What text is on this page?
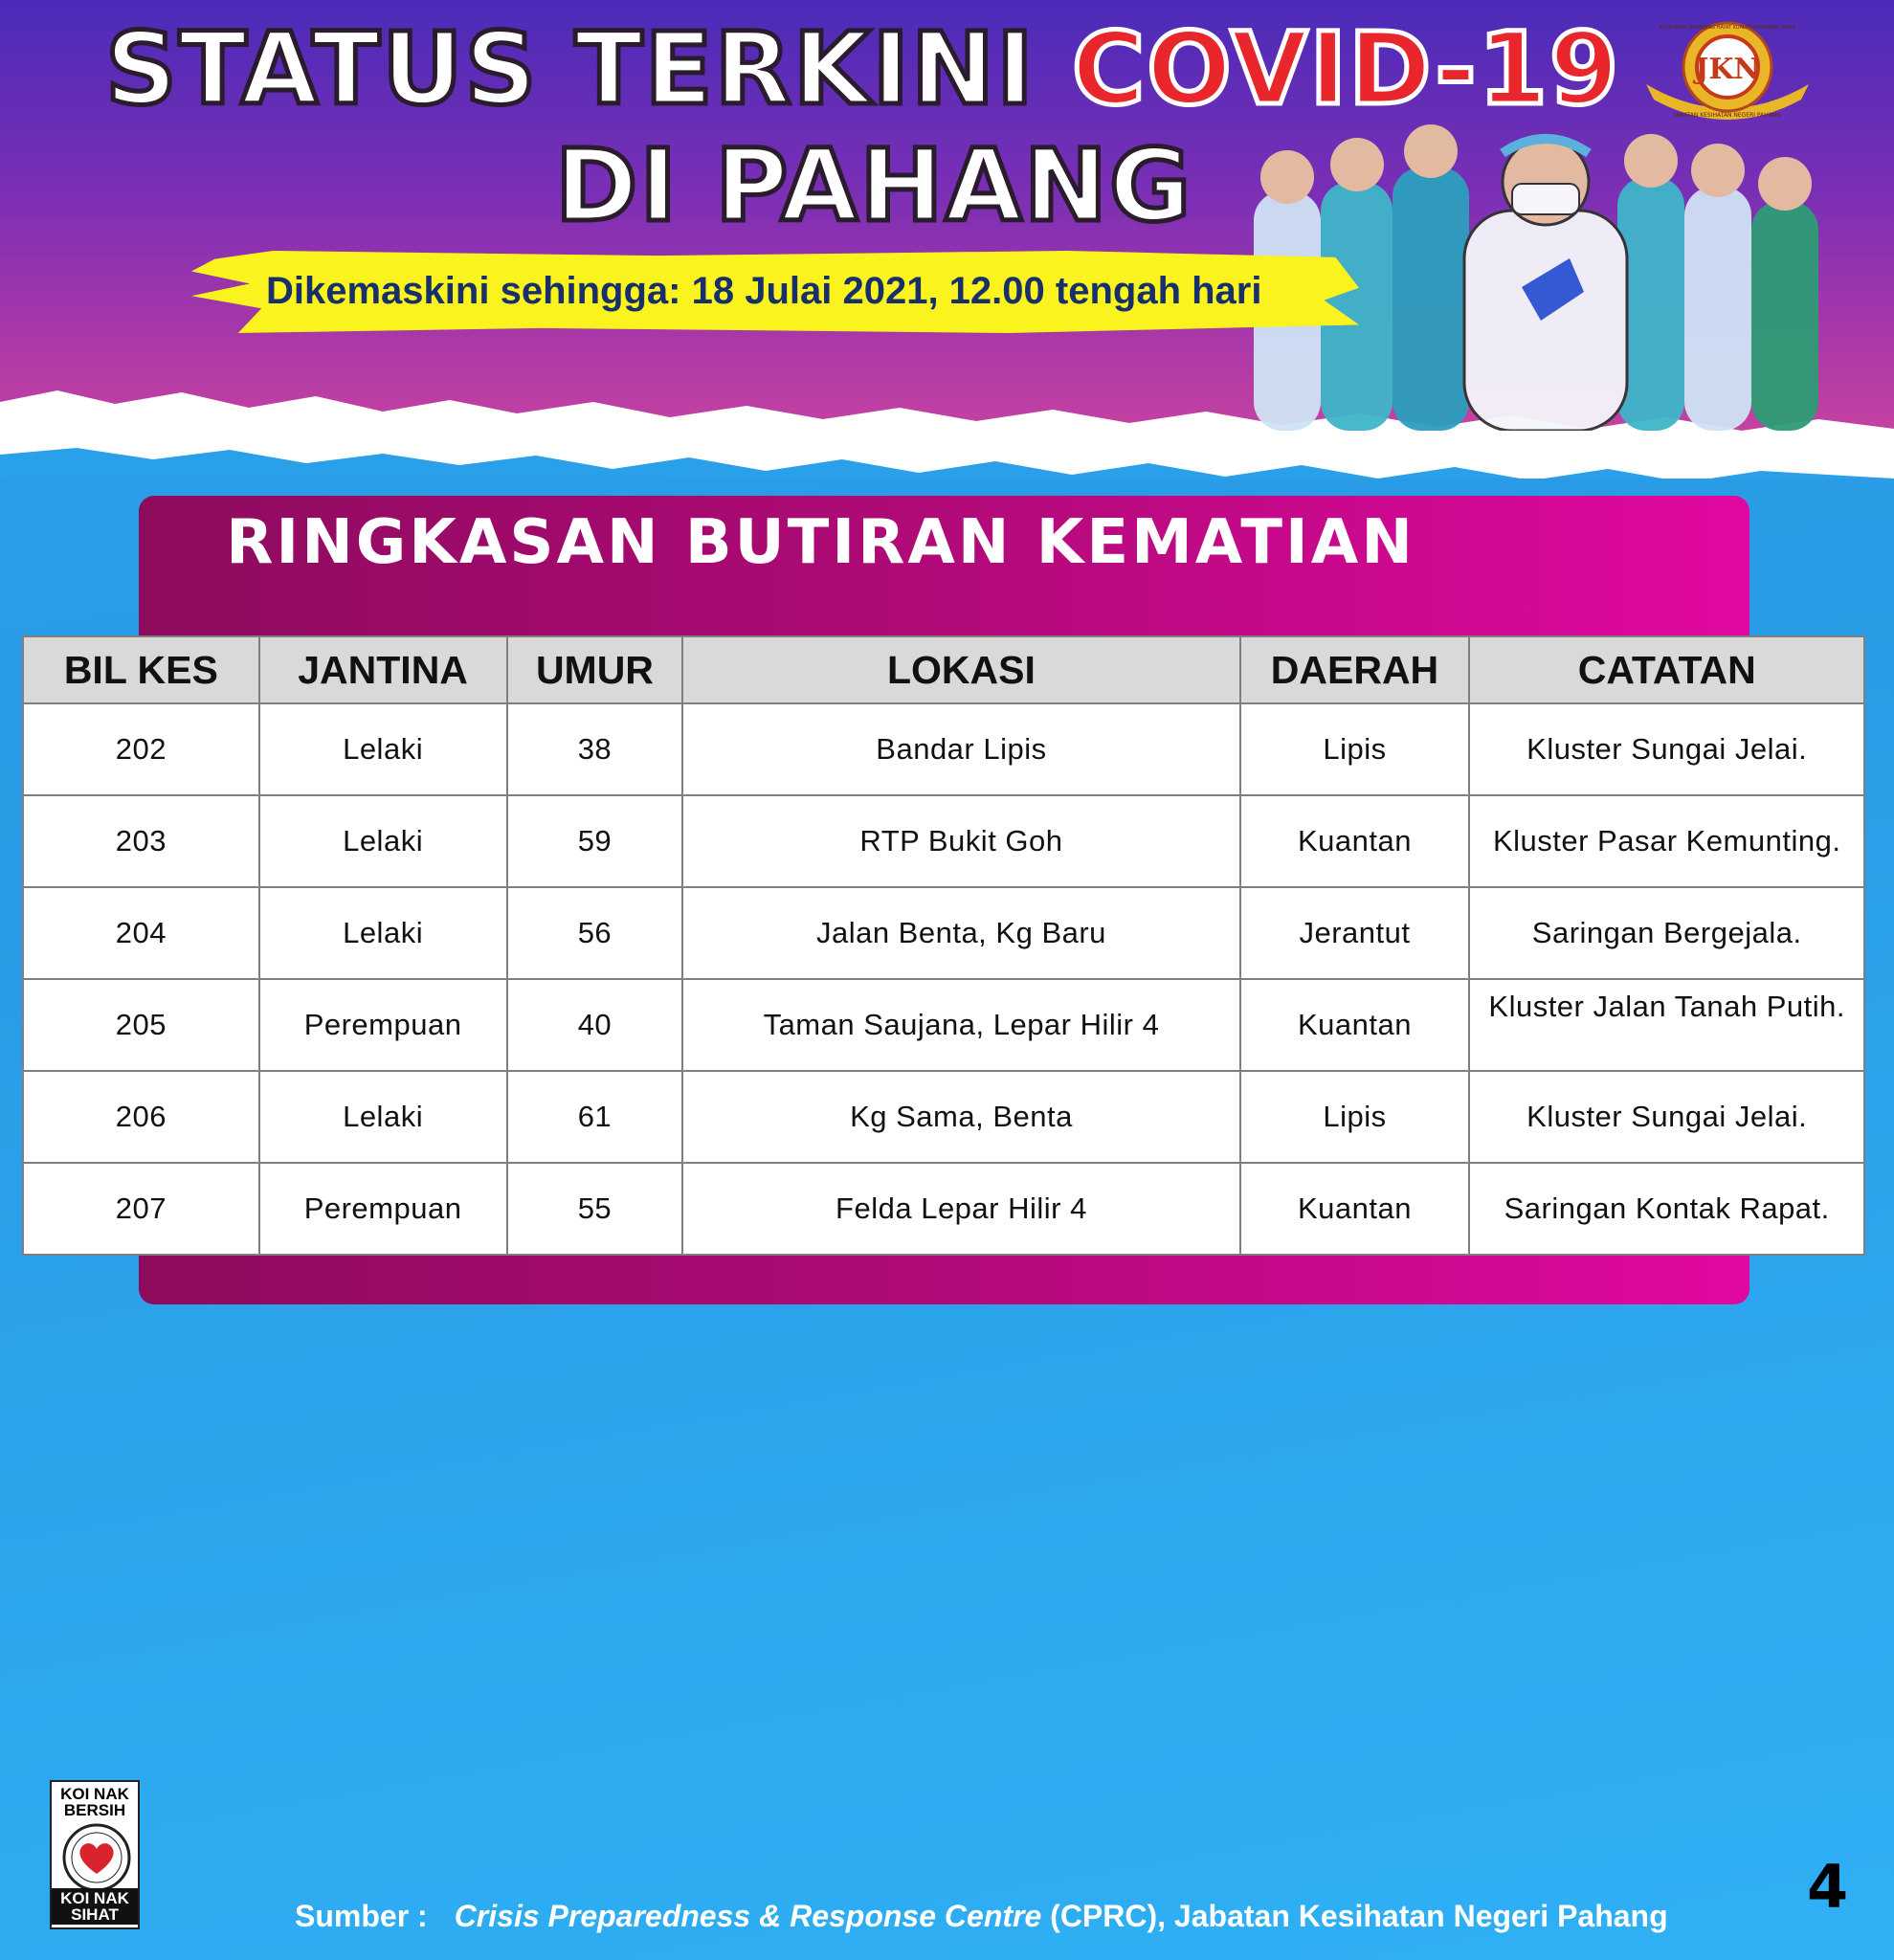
STATUS TERKINI COVID-19
DI PAHANG
Dikemaskini sehingga: 18 Julai 2021, 12.00 tengah hari
JKN
JABATAN KESIHATAN NEGERI PAHANG
KESIHATAN SEPANJANG HAYAT KUALITI SEPANJANG MASA
RINGKASAN BUTIRAN KEMATIAN
BIL KES	JANTINA	UMUR	LOKASI	DAERAH	CATATAN
202	Lelaki	38	Bandar Lipis	Lipis	Kluster Sungai Jelai.
203	Lelaki	59	RTP Bukit Goh	Kuantan	Kluster Pasar Kemunting.
204	Lelaki	56	Jalan Benta, Kg Baru	Jerantut	Saringan Bergejala.
205	Perempuan	40	Taman Saujana, Lepar Hilir 4	Kuantan	Kluster Jalan Tanah Putih.
206	Lelaki	61	Kg Sama, Benta	Lipis	Kluster Sungai Jelai.
207	Perempuan	55	Felda Lepar Hilir 4	Kuantan	Saringan Kontak Rapat.
KOI NAK BERSIH
KOI NAK SIHAT	Sumber : Crisis Preparedness & Response Centre (CPRC), Jabatan Kesihatan Negeri Pahang 4
